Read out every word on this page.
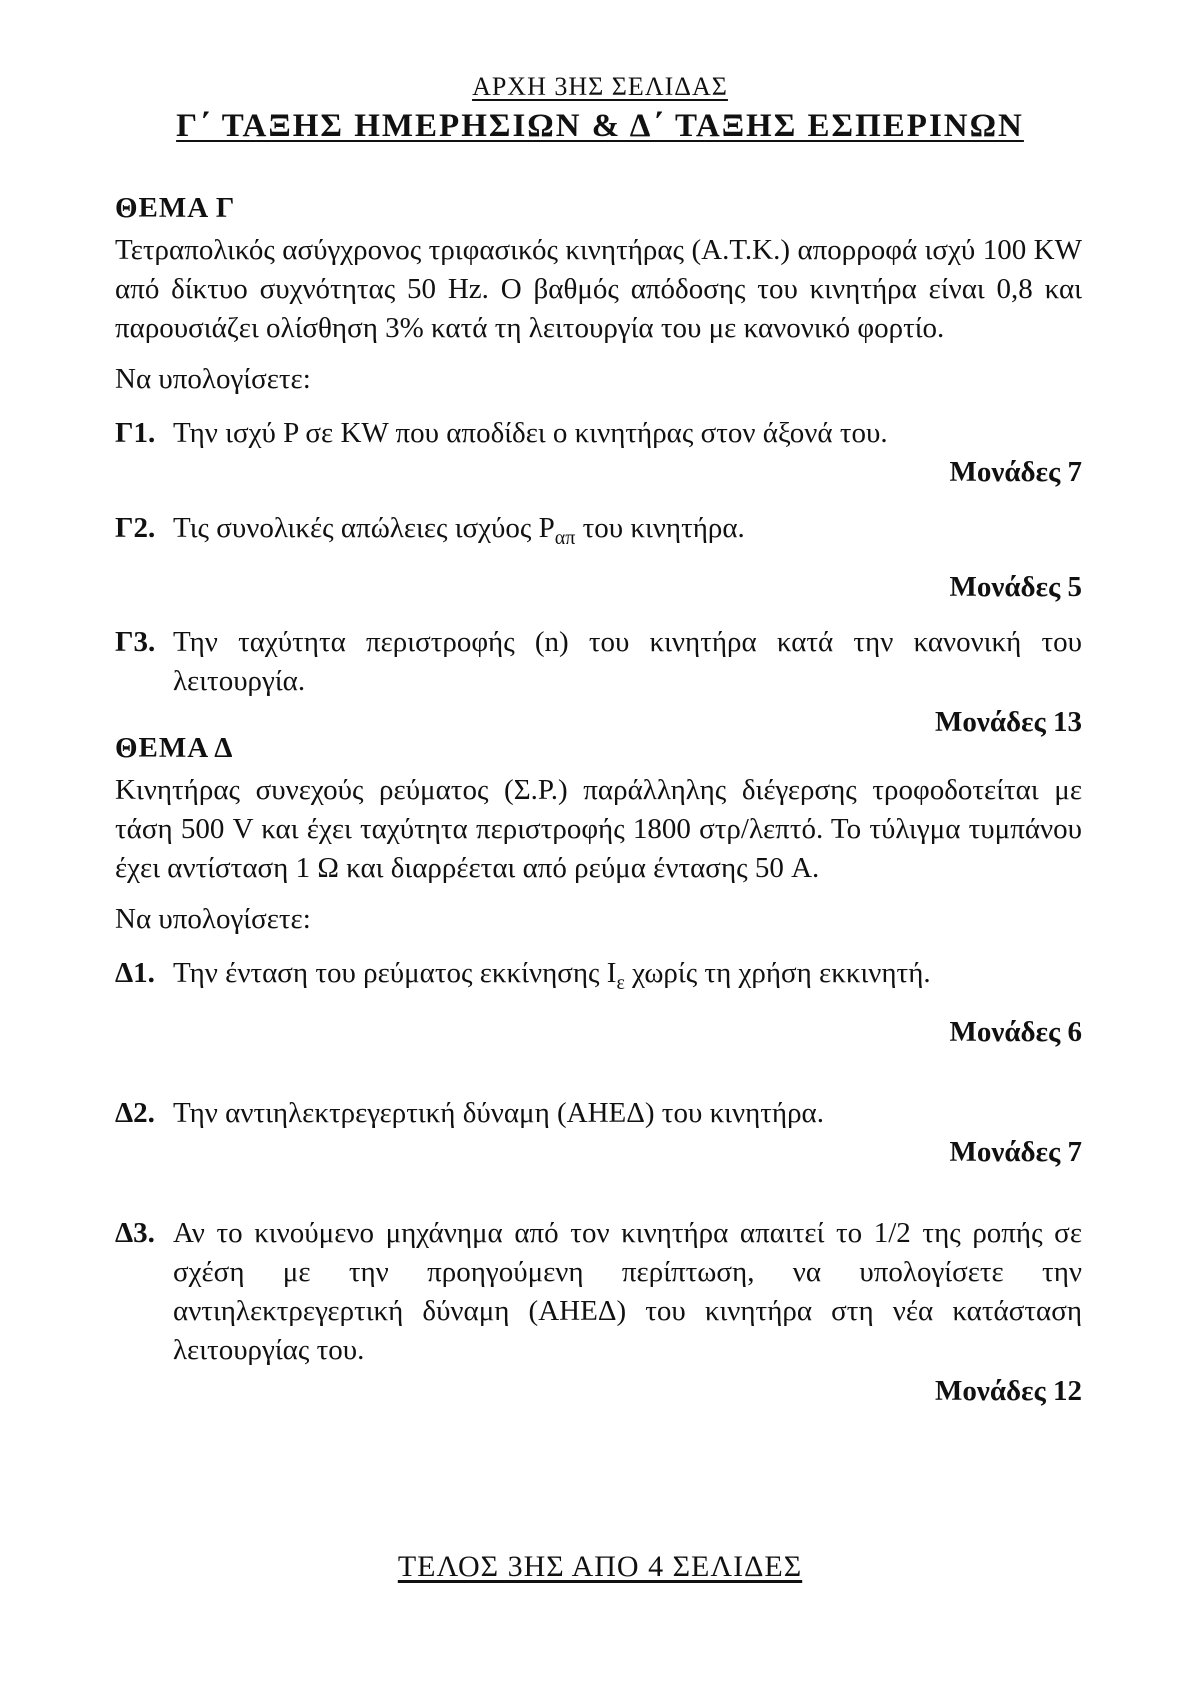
ΑΡΧΗ 3ΗΣ ΣΕΛΙΔΑΣ
Γ΄ ΤΑΞΗΣ ΗΜΕΡΗΣΙΩΝ & Δ΄ ΤΑΞΗΣ ΕΣΠΕΡΙΝΩΝ
ΘΕΜΑ Γ
Τετραπολικός ασύγχρονος τριφασικός κινητήρας (Α.Τ.Κ.) απορροφά ισχύ 100 KW από δίκτυο συχνότητας 50 Hz. Ο βαθμός απόδοσης του κινητήρα είναι 0,8 και παρουσιάζει ολίσθηση 3% κατά τη λειτουργία του με κανονικό φορτίο.
Να υπολογίσετε:
Γ1. Την ισχύ P σε KW που αποδίδει ο κινητήρας στον άξονά του.
Μονάδες 7
Γ2. Τις συνολικές απώλειες ισχύος $P_{\alpha\pi}$ του κινητήρα.
Μονάδες 5
Γ3. Την ταχύτητα περιστροφής (n) του κινητήρα κατά την κανονική του λειτουργία.
Μονάδες 13
ΘΕΜΑ Δ
Κινητήρας συνεχούς ρεύματος (Σ.Ρ.) παράλληλης διέγερσης τροφοδοτείται με τάση 500 V και έχει ταχύτητα περιστροφής 1800 στρ/λεπτό. Το τύλιγμα τυμπάνου έχει αντίσταση 1 Ω και διαρρέεται από ρεύμα έντασης 50 A.
Να υπολογίσετε:
Δ1. Την ένταση του ρεύματος εκκίνησης $I_\varepsilon$ χωρίς τη χρήση εκκινητή.
Μονάδες 6
Δ2. Την αντιηλεκτρεγερτική δύναμη (ΑΗΕΔ) του κινητήρα.
Μονάδες 7
Δ3. Αν το κινούμενο μηχάνημα από τον κινητήρα απαιτεί το 1/2 της ροπής σε σχέση με την προηγούμενη περίπτωση, να υπολογίσετε την αντιηλεκτρεγερτική δύναμη (ΑΗΕΔ) του κινητήρα στη νέα κατάσταση λειτουργίας του.
Μονάδες 12
ΤΕΛΟΣ 3ΗΣ ΑΠΟ 4 ΣΕΛΙΔΕΣ
